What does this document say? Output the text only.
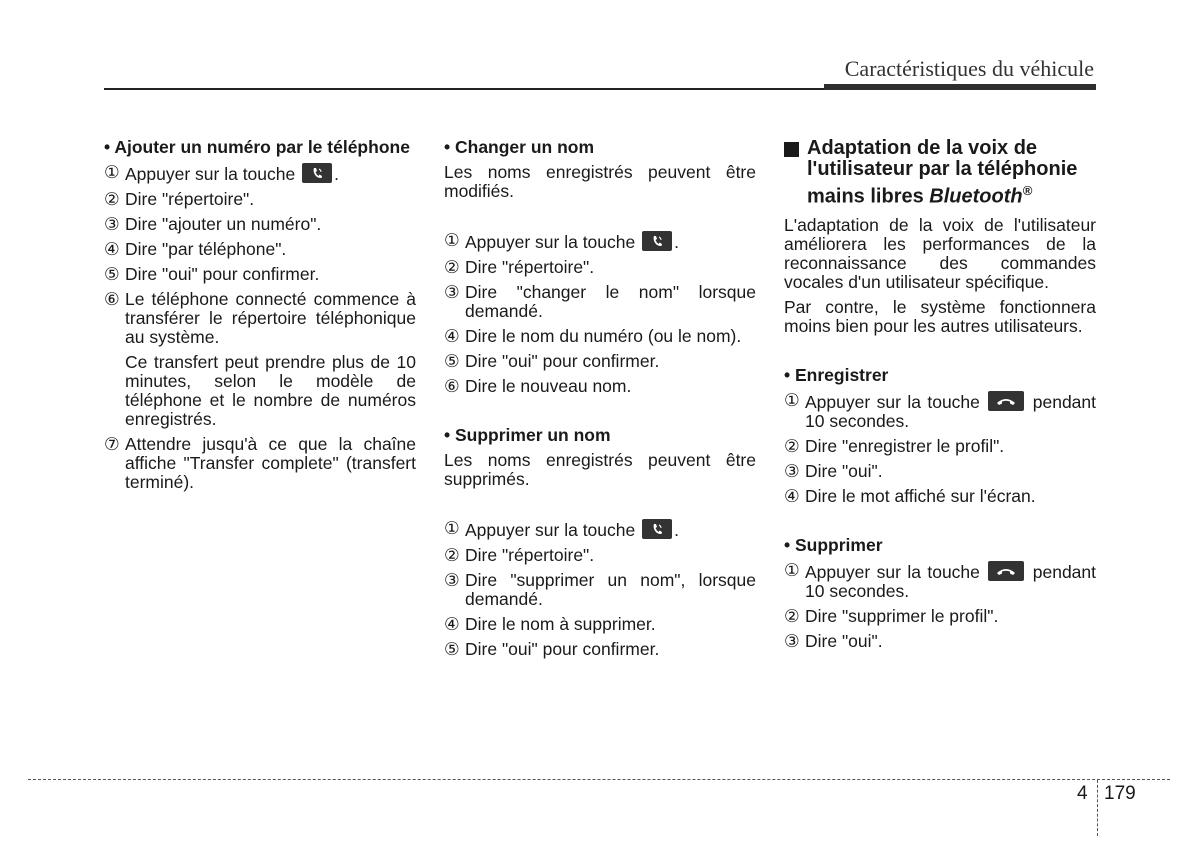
Caractéristiques du véhicule
• Ajouter un numéro par le téléphone
① Appuyer sur la touche .
② Dire "répertoire".
③ Dire "ajouter un numéro".
④ Dire "par téléphone".
⑤ Dire "oui" pour confirmer.
⑥ Le téléphone connecté commence à transférer le répertoire téléphonique au système.
Ce transfert peut prendre plus de 10 minutes, selon le modèle de téléphone et le nombre de numéros enregistrés.
⑦ Attendre jusqu'à ce que la chaîne affiche "Transfer complete" (transfert terminé).
• Changer un nom
Les noms enregistrés peuvent être modifiés.
① Appuyer sur la touche .
② Dire "répertoire".
③ Dire "changer le nom" lorsque demandé.
④ Dire le nom du numéro (ou le nom).
⑤ Dire "oui" pour confirmer.
⑥ Dire le nouveau nom.
• Supprimer un nom
Les noms enregistrés peuvent être supprimés.
① Appuyer sur la touche .
② Dire "répertoire".
③ Dire "supprimer un nom", lorsque demandé.
④ Dire le nom à supprimer.
⑤ Dire "oui" pour confirmer.
Adaptation de la voix de l'utilisateur par la téléphonie mains libres Bluetooth®
L'adaptation de la voix de l'utilisateur améliorera les performances de la reconnaissance des commandes vocales d'un utilisateur spécifique.
Par contre, le système fonctionnera moins bien pour les autres utilisateurs.
• Enregistrer
① Appuyer sur la touche  pendant 10 secondes.
② Dire "enregistrer le profil".
③ Dire "oui".
④ Dire le mot affiché sur l'écran.
• Supprimer
① Appuyer sur la touche  pendant 10 secondes.
② Dire "supprimer le profil".
③ Dire "oui".
4 179
